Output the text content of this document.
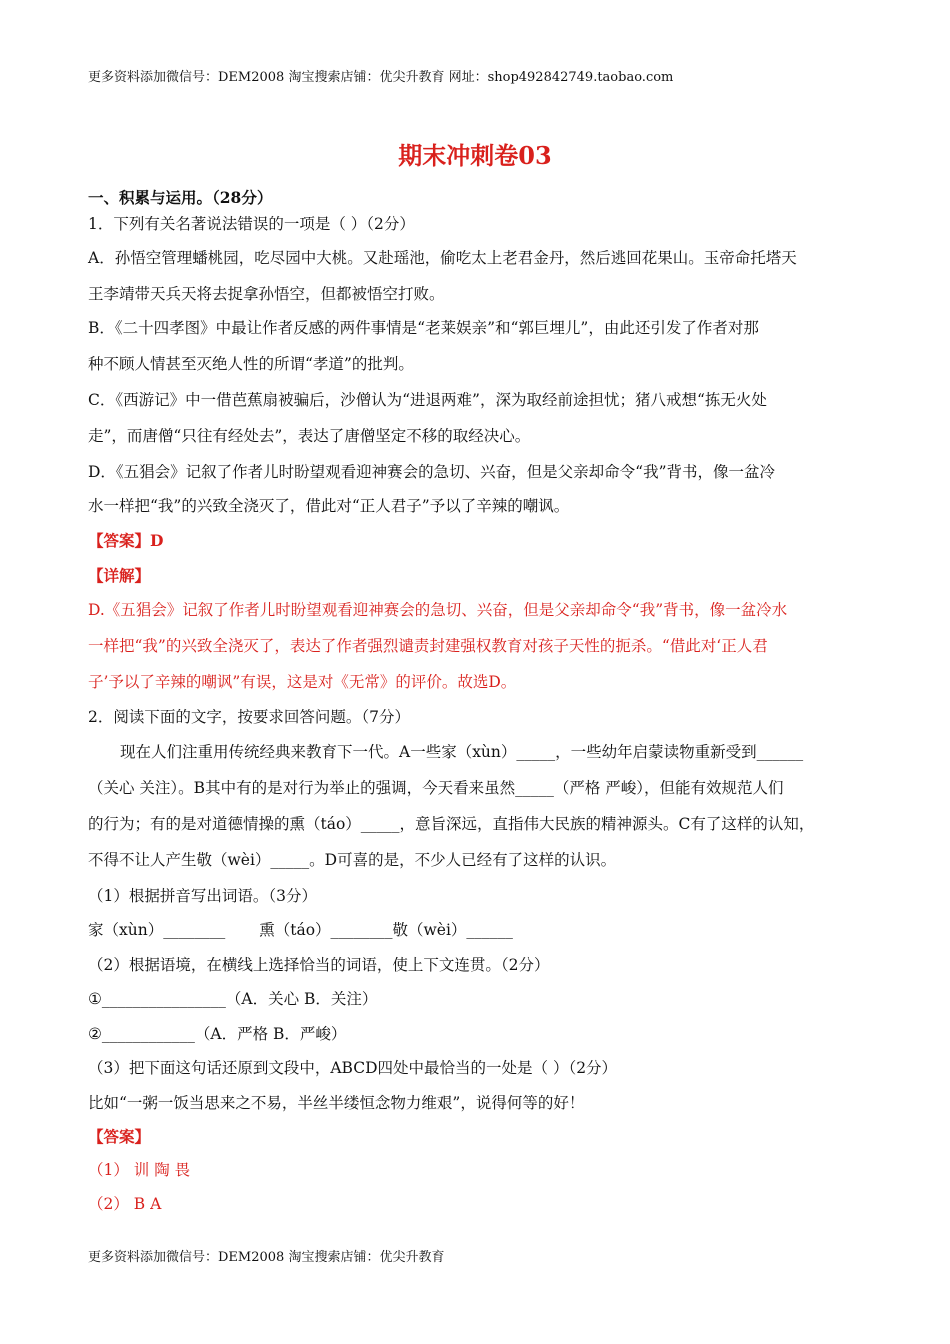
更多资料添加微信号：DEM2008 淘宝搜索店铺：优尖升教育 网址：shop492842749.taobao.com
期末冲刺卷03
一、积累与运用。（28分）
1．下列有关名著说法错误的一项是（ ）（2分）
A．孙悟空管理蟠桃园，吃尽园中大桃。又赴瑶池，偷吃太上老君金丹，然后逃回花果山。玉帝命托塔天
王李靖带天兵天将去捉拿孙悟空，但都被悟空打败。
B．《二十四孝图》中最让作者反感的两件事情是“老莱娱亲”和“郭巨埋儿”，由此还引发了作者对那
种不顾人情甚至灭绝人性的所谓“孝道”的批判。
C．《西游记》中一借芭蕉扇被骗后，沙僧认为“进退两难”，深为取经前途担忧；猪八戒想“拣无火处
走”，而唐僧“只往有经处去”，表达了唐僧坚定不移的取经决心。
D．《五猖会》记叙了作者儿时盼望观看迎神赛会的急切、兴奋，但是父亲却命令“我”背书，像一盆冷
水一样把“我”的兴致全浇灭了，借此对“正人君子”予以了辛辣的嘲讽。
【答案】D
【详解】
D.《五猖会》记叙了作者儿时盼望观看迎神赛会的急切、兴奋，但是父亲却命令“我”背书，像一盆冷水
一样把“我”的兴致全浇灭了，表达了作者强烈谴责封建强权教育对孩子天性的扼杀。“借此对‘正人君
子’予以了辛辣的嘲讽”有误，这是对《无常》的评价。故选D。
2．阅读下面的文字，按要求回答问题。（7分）
现在人们注重用传统经典来教育下一代。A一些家（xùn）_____，一些幼年启蒙读物重新受到______
（关心 关注）。B其中有的是对行为举止的强调，今天看来虽然_____（严格 严峻），但能有效规范人们
的行为；有的是对道德情操的熏（táo）_____，意旨深远，直指伟大民族的精神源头。C有了这样的认知，
不得不让人产生敬（wèi）_____。D可喜的是，不少人已经有了这样的认识。
（1）根据拼音写出词语。（3分）
家（xùn）________ 熏（táo）________敬（wèi）______
（2）根据语境，在横线上选择恰当的词语，使上下文连贯。（2分）
①________________（A．关心 B．关注）
②____________（A．严格 B．严峻）
（3）把下面这句话还原到文段中，ABCD四处中最恰当的一处是（ ）（2分）
比如“一粥一饭当思来之不易，半丝半缕恒念物力维艰”，说得何等的好！
【答案】
（1） 训 陶 畏
（2） B A
更多资料添加微信号：DEM2008 淘宝搜索店铺：优尖升教育
